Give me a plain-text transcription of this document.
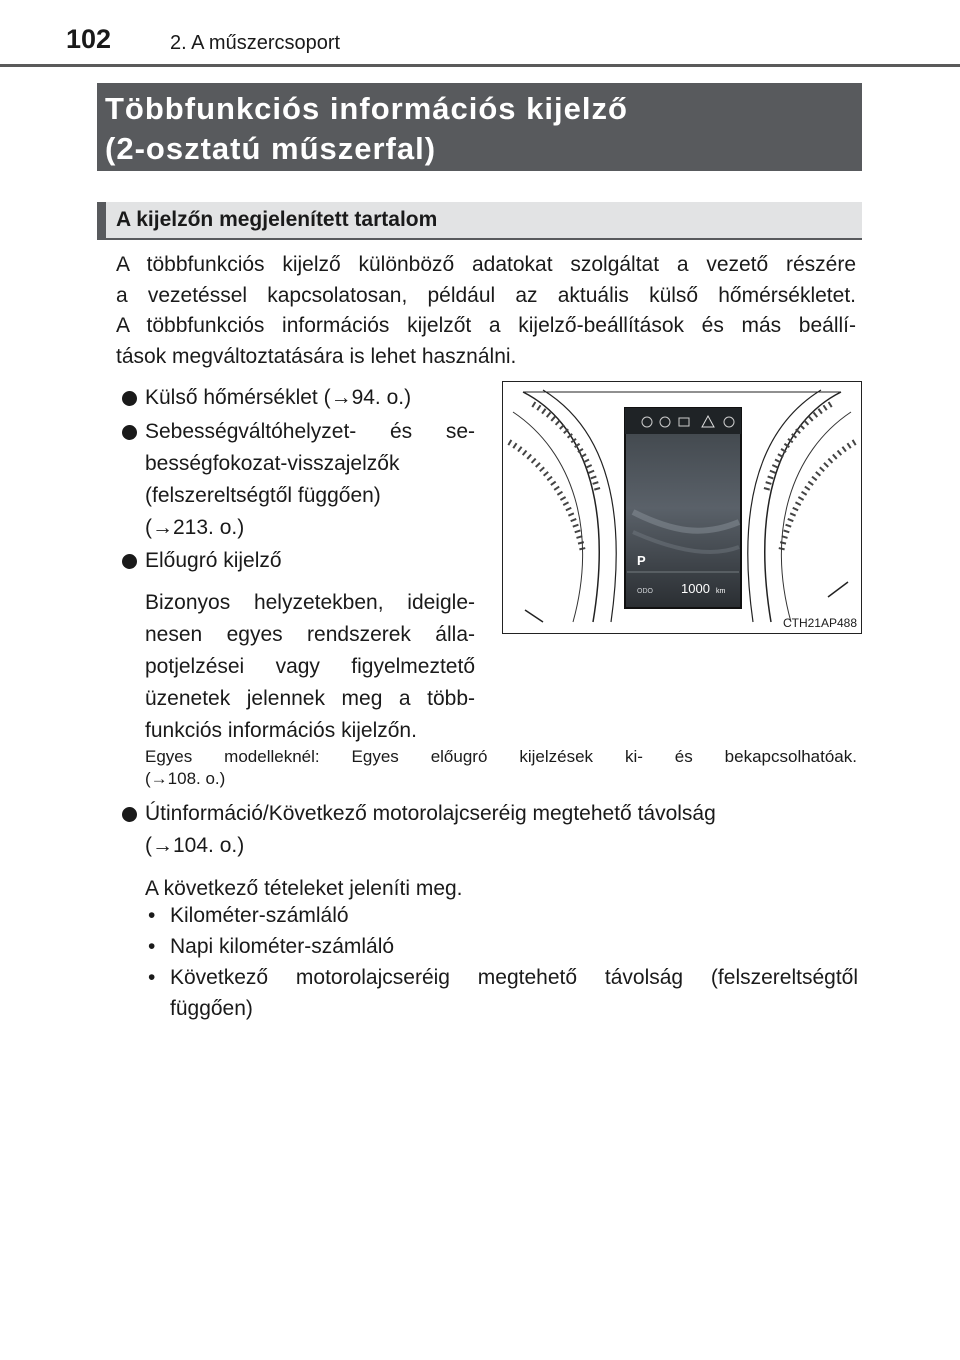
102	2. A műszercsoport
Többfunkciós információs kijelző
(2-osztatú műszerfal)
A kijelzőn megjelenített tartalom
A többfunkciós kijelző különböző adatokat szolgáltat a vezető részére
a vezetéssel kapcsolatosan, például az aktuális külső hőmérsékletet.
A többfunkciós információs kijelzőt a kijelző-beállítások és más beállí-
tások megváltoztatására is lehet használni.
Külső hőmérséklet (→94. o.)
Sebességváltóhelyzet- és se-
bességfokozat-visszajelzők
(felszereltségtől függően)
(→213. o.)
Előugró kijelző
Bizonyos helyzetekben, ideigle-
nesen egyes rendszerek álla-
potjelzései vagy figyelmeztető
üzenetek jelennek meg a több-
funkciós információs kijelzőn.
Egyes modelleknél: Egyes előugró kijelzések ki- és bekapcsolhatóak.
(→108. o.)
Útinformáció/Következő motorolajcseréig megtehető távolság
(→104. o.)
A következő tételeket jeleníti meg.
• Kilométer-számláló
• Napi kilométer-számláló
• Következő motorolajcseréig megtehető távolság (felszereltségtől
függően)
P
ODO 1000 km
CTH21AP488
